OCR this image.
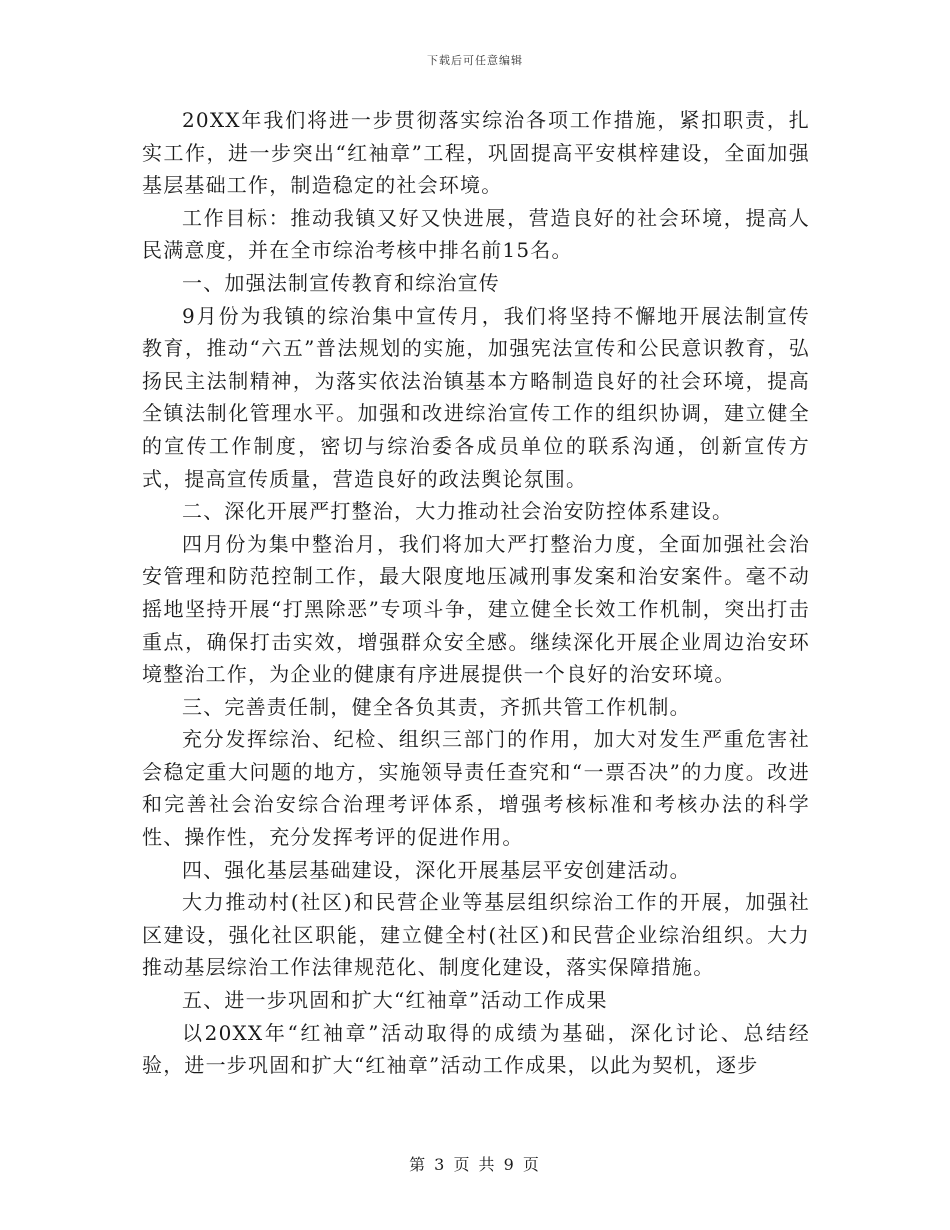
下载后可任意编辑

20XX年我们将进一步贯彻落实综治各项工作措施，紧扣职责，扎实工作，进一步突出“红袖章”工程，巩固提高平安棋梓建设，全面加强基层基础工作，制造稳定的社会环境。

工作目标：推动我镇又好又快进展，营造良好的社会环境，提高人民满意度，并在全市综治考核中排名前15名。

一、加强法制宣传教育和综治宣传

9月份为我镇的综治集中宣传月，我们将坚持不懈地开展法制宣传教育，推动“六五”普法规划的实施，加强宪法宣传和公民意识教育，弘扬民主法制精神，为落实依法治镇基本方略制造良好的社会环境，提高全镇法制化管理水平。加强和改进综治宣传工作的组织协调，建立健全的宣传工作制度，密切与综治委各成员单位的联系沟通，创新宣传方式，提高宣传质量，营造良好的政法舆论氛围。

二、深化开展严打整治，大力推动社会治安防控体系建设。

四月份为集中整治月，我们将加大严打整治力度，全面加强社会治安管理和防范控制工作，最大限度地压减刑事发案和治安案件。毫不动摇地坚持开展“打黑除恶”专项斗争，建立健全长效工作机制，突出打击重点，确保打击实效，增强群众安全感。继续深化开展企业周边治安环境整治工作，为企业的健康有序进展提供一个良好的治安环境。

三、完善责任制，健全各负其责，齐抓共管工作机制。

充分发挥综治、纪检、组织三部门的作用，加大对发生严重危害社会稳定重大问题的地方，实施领导责任查究和“一票否决”的力度。改进和完善社会治安综合治理考评体系，增强考核标准和考核办法的科学性、操作性，充分发挥考评的促进作用。

四、强化基层基础建设，深化开展基层平安创建活动。

大力推动村(社区)和民营企业等基层组织综治工作的开展，加强社区建设，强化社区职能，建立健全村(社区)和民营企业综治组织。大力推动基层综治工作法律规范化、制度化建设，落实保障措施。

五、进一步巩固和扩大“红袖章”活动工作成果

以20XX年“红袖章”活动取得的成绩为基础，深化讨论、总结经验，进一步巩固和扩大“红袖章”活动工作成果，以此为契机，逐步

第 3 页 共 9 页
